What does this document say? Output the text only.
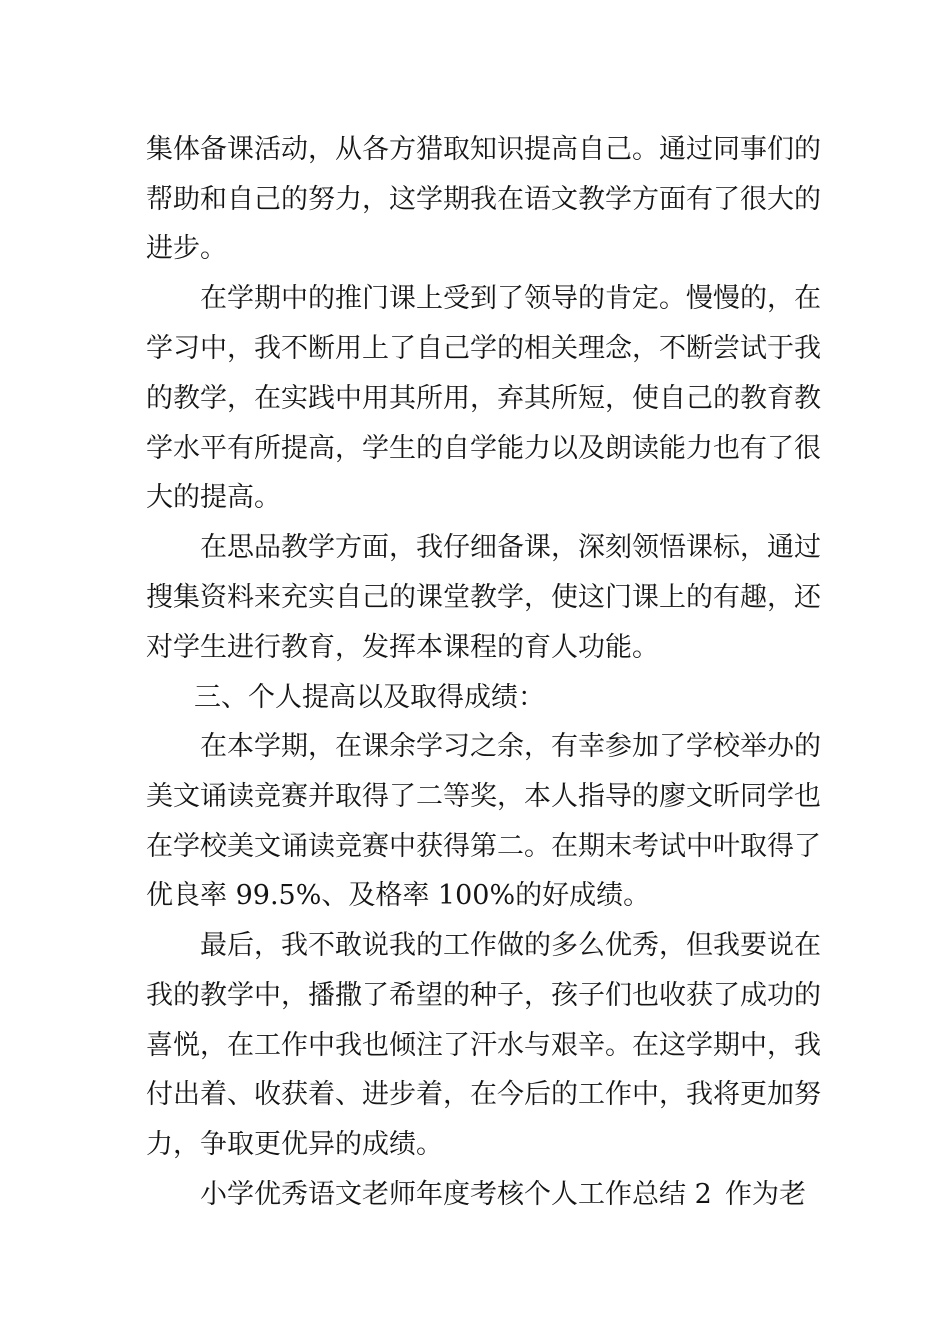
集体备课活动，从各方猎取知识提高自己。通过同事们的
帮助和自己的努力，这学期我在语文教学方面有了很大的
进步。
在学期中的推门课上受到了领导的肯定。慢慢的，在
学习中，我不断用上了自己学的相关理念，不断尝试于我
的教学，在实践中用其所用，弃其所短，使自己的教育教
学水平有所提高，学生的自学能力以及朗读能力也有了很
大的提高。
在思品教学方面，我仔细备课，深刻领悟课标，通过
搜集资料来充实自己的课堂教学，使这门课上的有趣，还
对学生进行教育，发挥本课程的育人功能。
三、个人提高以及取得成绩：
在本学期，在课余学习之余，有幸参加了学校举办的
美文诵读竞赛并取得了二等奖，本人指导的廖文昕同学也
在学校美文诵读竞赛中获得第二。在期末考试中叶取得了
优良率 99.5%、及格率 100%的好成绩。
最后，我不敢说我的工作做的多么优秀，但我要说在
我的教学中，播撒了希望的种子，孩子们也收获了成功的
喜悦，在工作中我也倾注了汗水与艰辛。在这学期中，我
付出着、收获着、进步着，在今后的工作中，我将更加努
力，争取更优异的成绩。
小学优秀语文老师年度考核个人工作总结 2 作为老
